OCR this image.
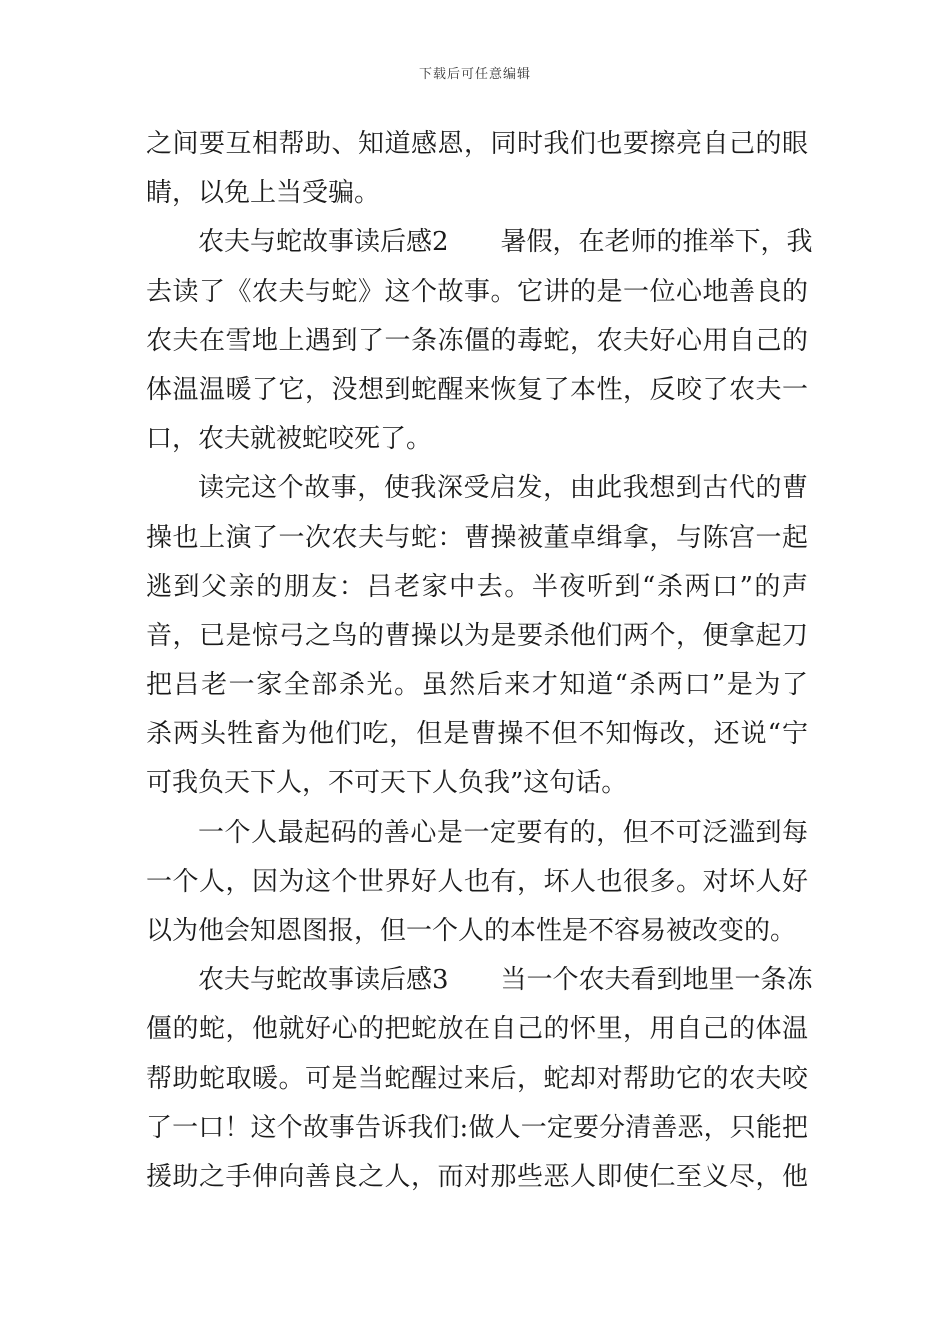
下载后可任意编辑
之间要互相帮助、知道感恩，同时我们也要擦亮自己的眼
睛，以免上当受骗。
农夫与蛇故事读后感2　　暑假，在老师的推举下，我
去读了《农夫与蛇》这个故事。它讲的是一位心地善良的
农夫在雪地上遇到了一条冻僵的毒蛇，农夫好心用自己的
体温温暖了它，没想到蛇醒来恢复了本性，反咬了农夫一
口，农夫就被蛇咬死了。
读完这个故事，使我深受启发，由此我想到古代的曹
操也上演了一次农夫与蛇：曹操被董卓缉拿，与陈宫一起
逃到父亲的朋友：吕老家中去。半夜听到“杀两口”的声
音，已是惊弓之鸟的曹操以为是要杀他们两个，便拿起刀
把吕老一家全部杀光。虽然后来才知道“杀两口”是为了
杀两头牲畜为他们吃，但是曹操不但不知悔改，还说“宁
可我负天下人，不可天下人负我”这句话。
一个人最起码的善心是一定要有的，但不可泛滥到每
一个人，因为这个世界好人也有，坏人也很多。对坏人好
以为他会知恩图报，但一个人的本性是不容易被改变的。
农夫与蛇故事读后感3　　当一个农夫看到地里一条冻
僵的蛇，他就好心的把蛇放在自己的怀里，用自己的体温
帮助蛇取暖。可是当蛇醒过来后，蛇却对帮助它的农夫咬
了一口！这个故事告诉我们:做人一定要分清善恶，只能把
援助之手伸向善良之人，而对那些恶人即使仁至义尽，他
